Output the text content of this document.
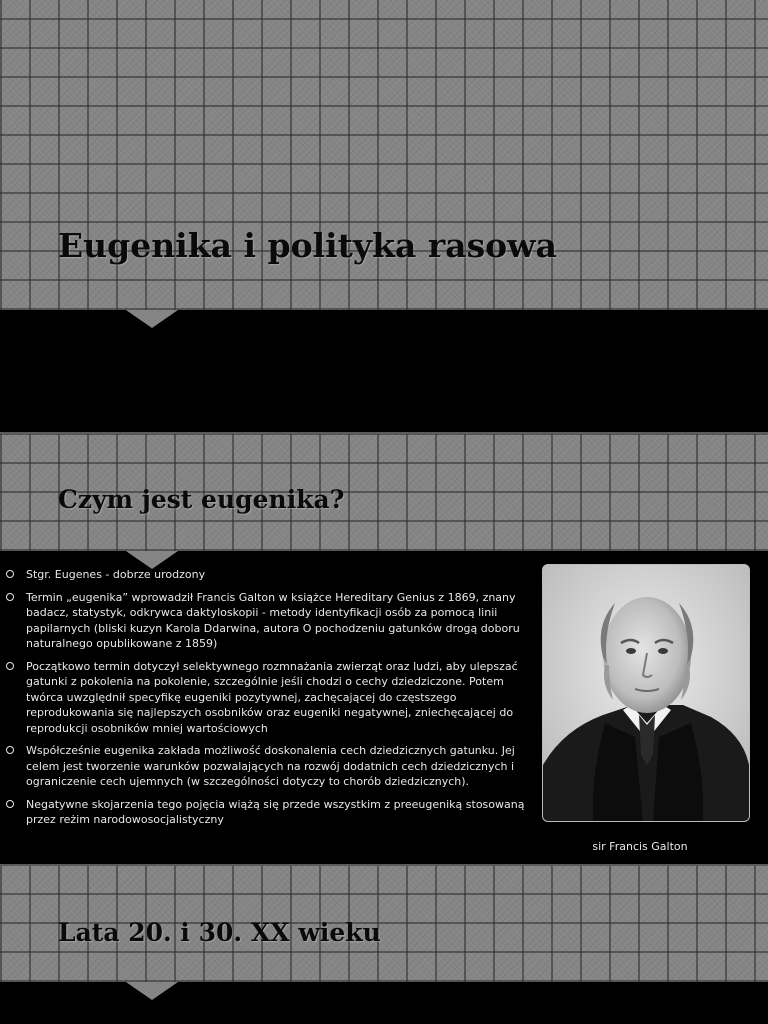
Eugenika i polityka rasowa
Czym jest eugenika?
Stgr. Eugenes - dobrze urodzony
Termin „eugenika” wprowadził Francis Galton w książce Hereditary Genius z 1869, znany badacz, statystyk, odkrywca daktyloskopii - metody identyfikacji osób za pomocą linii papilarnych (bliski kuzyn Karola Ddarwina, autora O pochodzeniu gatunków drogą doboru naturalnego opublikowane z 1859)
Początkowo termin dotyczył selektywnego rozmnażania zwierząt oraz ludzi, aby ulepszać gatunki z pokolenia na pokolenie, szczególnie jeśli chodzi o cechy dziedziczone. Potem twórca uwzględnił specyfikę eugeniki pozytywnej, zachęcającej do częstszego reprodukowania się najlepszych osobników oraz eugeniki negatywnej, zniechęcającej do reprodukcji osobników mniej wartościowych
Współcześnie eugenika zakłada możliwość doskonalenia cech dziedzicznych gatunku. Jej celem jest tworzenie warunków pozwalających na rozwój dodatnich cech dziedzicznych i ograniczenie cech ujemnych (w szczególności dotyczy to chorób dziedzicznych).
Negatywne skojarzenia tego pojęcia wiążą się przede wszystkim z preeugeniką stosowaną przez reżim narodowosocjalistyczny
sir Francis Galton
Lata 20. i 30. XX wieku
